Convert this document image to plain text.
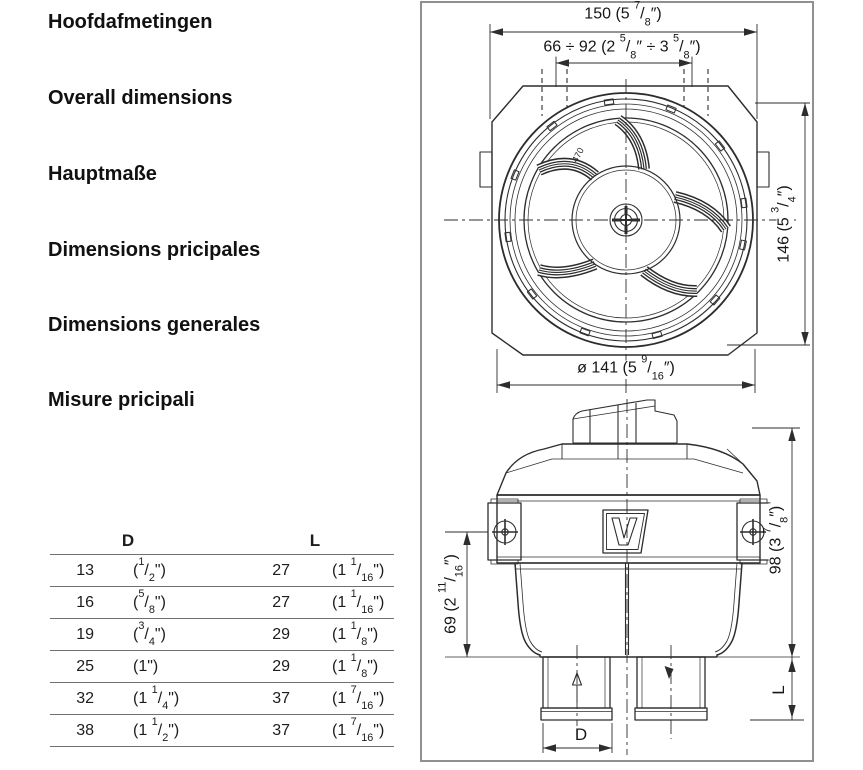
Hoofdafmetingen
Overall dimensions
Hauptmaße
Dimensions pricipales
Dimensions generales
Misure pricipali
D	L
13	$(^1/_2")$	27	(1 $^1/_{16}$")
16	$(^5/_8")$	27	(1 $^1/_{16}$")
19	$(^3/_4")$	29	(1 $^1/_8$")
25	(1")	29	(1 $^1/_8$")
32	(1 $^1/_4$")	37	(1 $^7/_{16}$")
38	(1 $^1/_2$")	37	(1 $^7/_{16}$")
470
150 (5 $^7/_8''$)
66 ÷ 92 (2 $^5/_8'' \div 3$ $^5/_8''$)
ø 141 (5 $^9/_{16}''$)
146 (5 $^3/_4''$)
98 (3 $^7/_8''$)
69 (2 $^{11}/_{16}''$)
L
D
